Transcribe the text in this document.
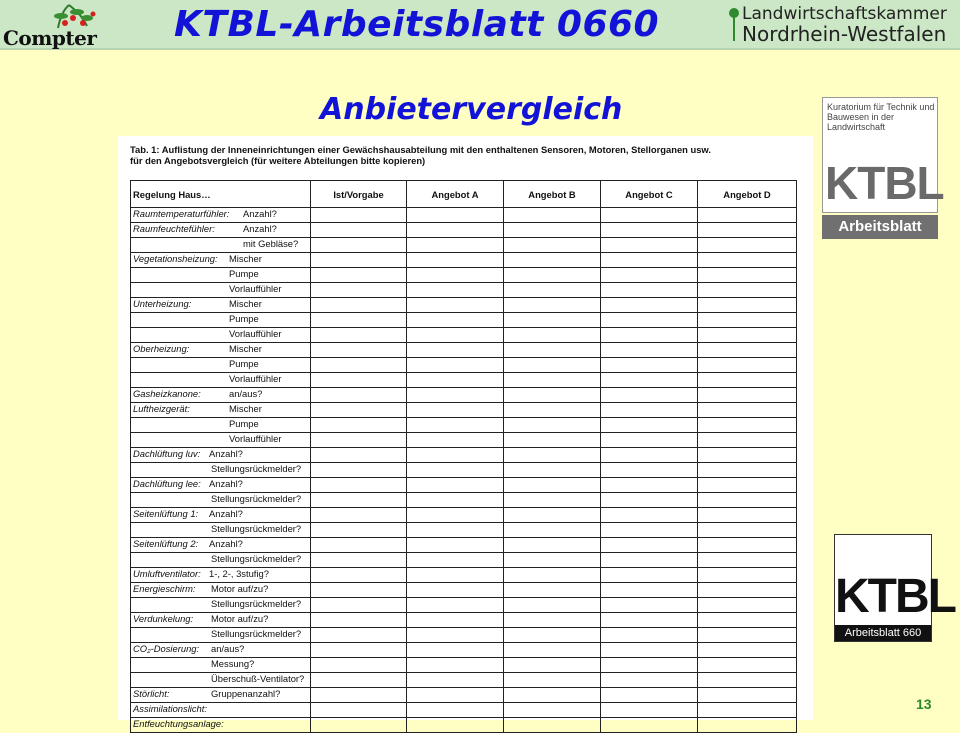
Compter KTBL-Arbeitsblatt 0660	Landwirtschaftskammer
Nordrhein-Westfalen
Anbietervergleich

Tab. 1: Auflistung der Inneneinrichtungen einer Gewächshausabteilung mit den enthaltenen Sensoren, Motoren, Stellorganen usw.
für den Angebotsvergleich (für weitere Abteilungen bitte kopieren)

Regelung Haus…	Ist/Vorgabe	Angebot A	Angebot B	Angebot C	Angebot D

Raumtemperaturfühler: Anzahl?					

Raumfeuchtefühler: Anzahl?					

mit Gebläse?					

Vegetationsheizung: Mischer					

Pumpe					

Vorlauffühler					

Unterheizung: Mischer					

Pumpe					

Vorlauffühler					

Oberheizung: Mischer					

Pumpe					

Vorlauffühler					

Gasheizkanone: an/aus?					

Luftheizgerät: Mischer					

Pumpe					

Vorlauffühler					

Dachlüftung luv: Anzahl?					

Stellungsrückmelder?					

Dachlüftung lee: Anzahl?					

Stellungsrückmelder?					

Seitenlüftung 1: Anzahl?					

Stellungsrückmelder?					

Seitenlüftung 2: Anzahl?					

Stellungsrückmelder?					

Umluftventilator: 1-, 2-, 3stufig?					

Energieschirm: Motor auf/zu?					

Stellungsrückmelder?					

Verdunkelung: Motor auf/zu?					

Stellungsrückmelder?					

CO₂-Dosierung: an/aus?					

Messung?					

Überschuß-Ventilator?					

Störlicht: Gruppenanzahl?					

Assimilationslicht:					

Entfeuchtungsanlage:					

Kuratorium für Technik und Bauwesen in der Landwirtschaft
KTBL
Arbeitsblatt
KTBL
Arbeitsblatt 660
13
